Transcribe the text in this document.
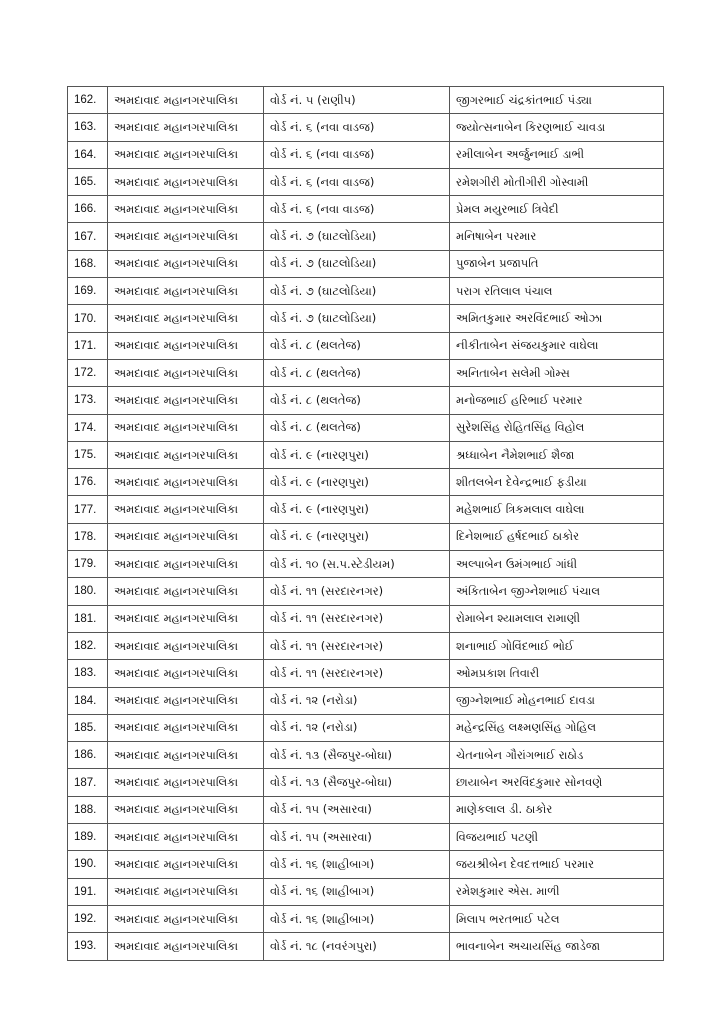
162.	અમદાવાદ મહાનગરપાલિકા	વોર્ડ નં. ૫ (રાણીપ)	જીગરભાઈ ચંદ્રકાંતભાઈ પંડ્યા
163.	અમદાવાદ મહાનગરપાલિકા	વોર્ડ નં. ૬ (નવા વાડજ)	જ્યોત્સનાબેન કિરણભાઈ ચાવડા
164.	અમદાવાદ મહાનગરપાલિકા	વોર્ડ નં. ૬ (નવા વાડજ)	રમીલાબેન અર્જુનભાઈ ડાભી
165.	અમદાવાદ મહાનગરપાલિકા	વોર્ડ નં. ૬ (નવા વાડજ)	રમેશગીરી મોતીગીરી ગોસ્વામી
166.	અમદાવાદ મહાનગરપાલિકા	વોર્ડ નં. ૬ (નવા વાડજ)	પ્રેમલ મયુરભાઈ ત્રિવેદી
167.	અમદાવાદ મહાનગરપાલિકા	વોર્ડ નં. ૭ (ઘાટલોડિયા)	મનિષાબેન પરમાર
168.	અમદાવાદ મહાનગરપાલિકા	વોર્ડ નં. ૭ (ઘાટલોડિયા)	પુજાબેન પ્રજાપતિ
169.	અમદાવાદ મહાનગરપાલિકા	વોર્ડ નં. ૭ (ઘાટલોડિયા)	પરાગ રતિલાલ પંચાલ
170.	અમદાવાદ મહાનગરપાલિકા	વોર્ડ નં. ૭ (ઘાટલોડિયા)	અમિતકુમાર અરવિંદભાઈ ઓઝા
171.	અમદાવાદ મહાનગરપાલિકા	વોર્ડ નં. ૮ (થલતેજ)	નીકીતાબેન સંજયકુમાર વાઘેલા
172.	અમદાવાદ મહાનગરપાલિકા	વોર્ડ નં. ૮ (થલતેજ)	અનિતાબેન સલેમી ગોમ્સ
173.	અમદાવાદ મહાનગરપાલિકા	વોર્ડ નં. ૮ (થલતેજ)	મનોજભાઈ હરિભાઈ પરમાર
174.	અમદાવાદ મહાનગરપાલિકા	વોર્ડ નં. ૮ (થલતેજ)	સુરેશસિંહ રોહિતસિંહ વિહોલ
175.	અમદાવાદ મહાનગરપાલિકા	વોર્ડ નં. ૯ (નારણપુરા)	શ્રધ્ધાબેન નૈમેશભાઈ શૈજા
176.	અમદાવાદ મહાનગરપાલિકા	વોર્ડ નં. ૯ (નારણપુરા)	શીતલબેન દેવેન્દ્રભાઈ ફડીયા
177.	અમદાવાદ મહાનગરપાલિકા	વોર્ડ નં. ૯ (નારણપુરા)	મહેશભાઈ ત્રિકમલાલ વાઘેલા
178.	અમદાવાદ મહાનગરપાલિકા	વોર્ડ નં. ૯ (નારણપુરા)	દિનેશભાઈ હર્ષદભાઈ ઠાકોર
179.	અમદાવાદ મહાનગરપાલિકા	વોર્ડ નં. ૧૦ (સ.પ.સ્ટેડીયમ)	અલ્પાબેન ઉમંગભાઈ ગાંધી
180.	અમદાવાદ મહાનગરપાલિકા	વોર્ડ નં. ૧૧ (સરદારનગર)	અંકિતાબેન જીગ્નેશભાઈ પંચાલ
181.	અમદાવાદ મહાનગરપાલિકા	વોર્ડ નં. ૧૧ (સરદારનગર)	રોમાબેન શ્યામલાલ રામાણી
182.	અમદાવાદ મહાનગરપાલિકા	વોર્ડ નં. ૧૧ (સરદારનગર)	શનાભાઈ ગોવિંદભાઈ ભોઈ
183.	અમદાવાદ મહાનગરપાલિકા	વોર્ડ નં. ૧૧ (સરદારનગર)	ઓમપ્રકાશ તિવારી
184.	અમદાવાદ મહાનગરપાલિકા	વોર્ડ નં. ૧૨ (નરોડા)	જીગ્નેશભાઈ મોહનભાઈ દાવડા
185.	અમદાવાદ મહાનગરપાલિકા	વોર્ડ નં. ૧૨ (નરોડા)	મહેન્દ્રસિંહ લક્ષ્મણસિંહ ગોહિલ
186.	અમદાવાદ મહાનગરપાલિકા	વોર્ડ નં. ૧૩ (સૈજપુર-બોઘા)	ચેતનાબેન ગૌરાંગભાઈ રાઠોડ
187.	અમદાવાદ મહાનગરપાલિકા	વોર્ડ નં. ૧૩ (સૈજપુર-બોઘા)	છાયાબેન અરવિંદકુમાર સોનવણે
188.	અમદાવાદ મહાનગરપાલિકા	વોર્ડ નં. ૧૫ (અસારવા)	માણેકલાલ ડી. ઠાકોર
189.	અમદાવાદ મહાનગરપાલિકા	વોર્ડ નં. ૧૫ (અસારવા)	વિજયભાઈ પટણી
190.	અમદાવાદ મહાનગરપાલિકા	વોર્ડ નં. ૧૬ (શાહીબાગ)	જયશ્રીબેન દેવદત્તભાઈ પરમાર
191.	અમદાવાદ મહાનગરપાલિકા	વોર્ડ નં. ૧૬ (શાહીબાગ)	રમેશકુમાર એસ. માળી
192.	અમદાવાદ મહાનગરપાલિકા	વોર્ડ નં. ૧૬ (શાહીબાગ)	મિલાપ ભરતભાઈ પટેલ
193.	અમદાવાદ મહાનગરપાલિકા	વોર્ડ નં. ૧૮ (નવરંગપુરા)	ભાવનાબેન અચાયસિંહ જાડેજા
